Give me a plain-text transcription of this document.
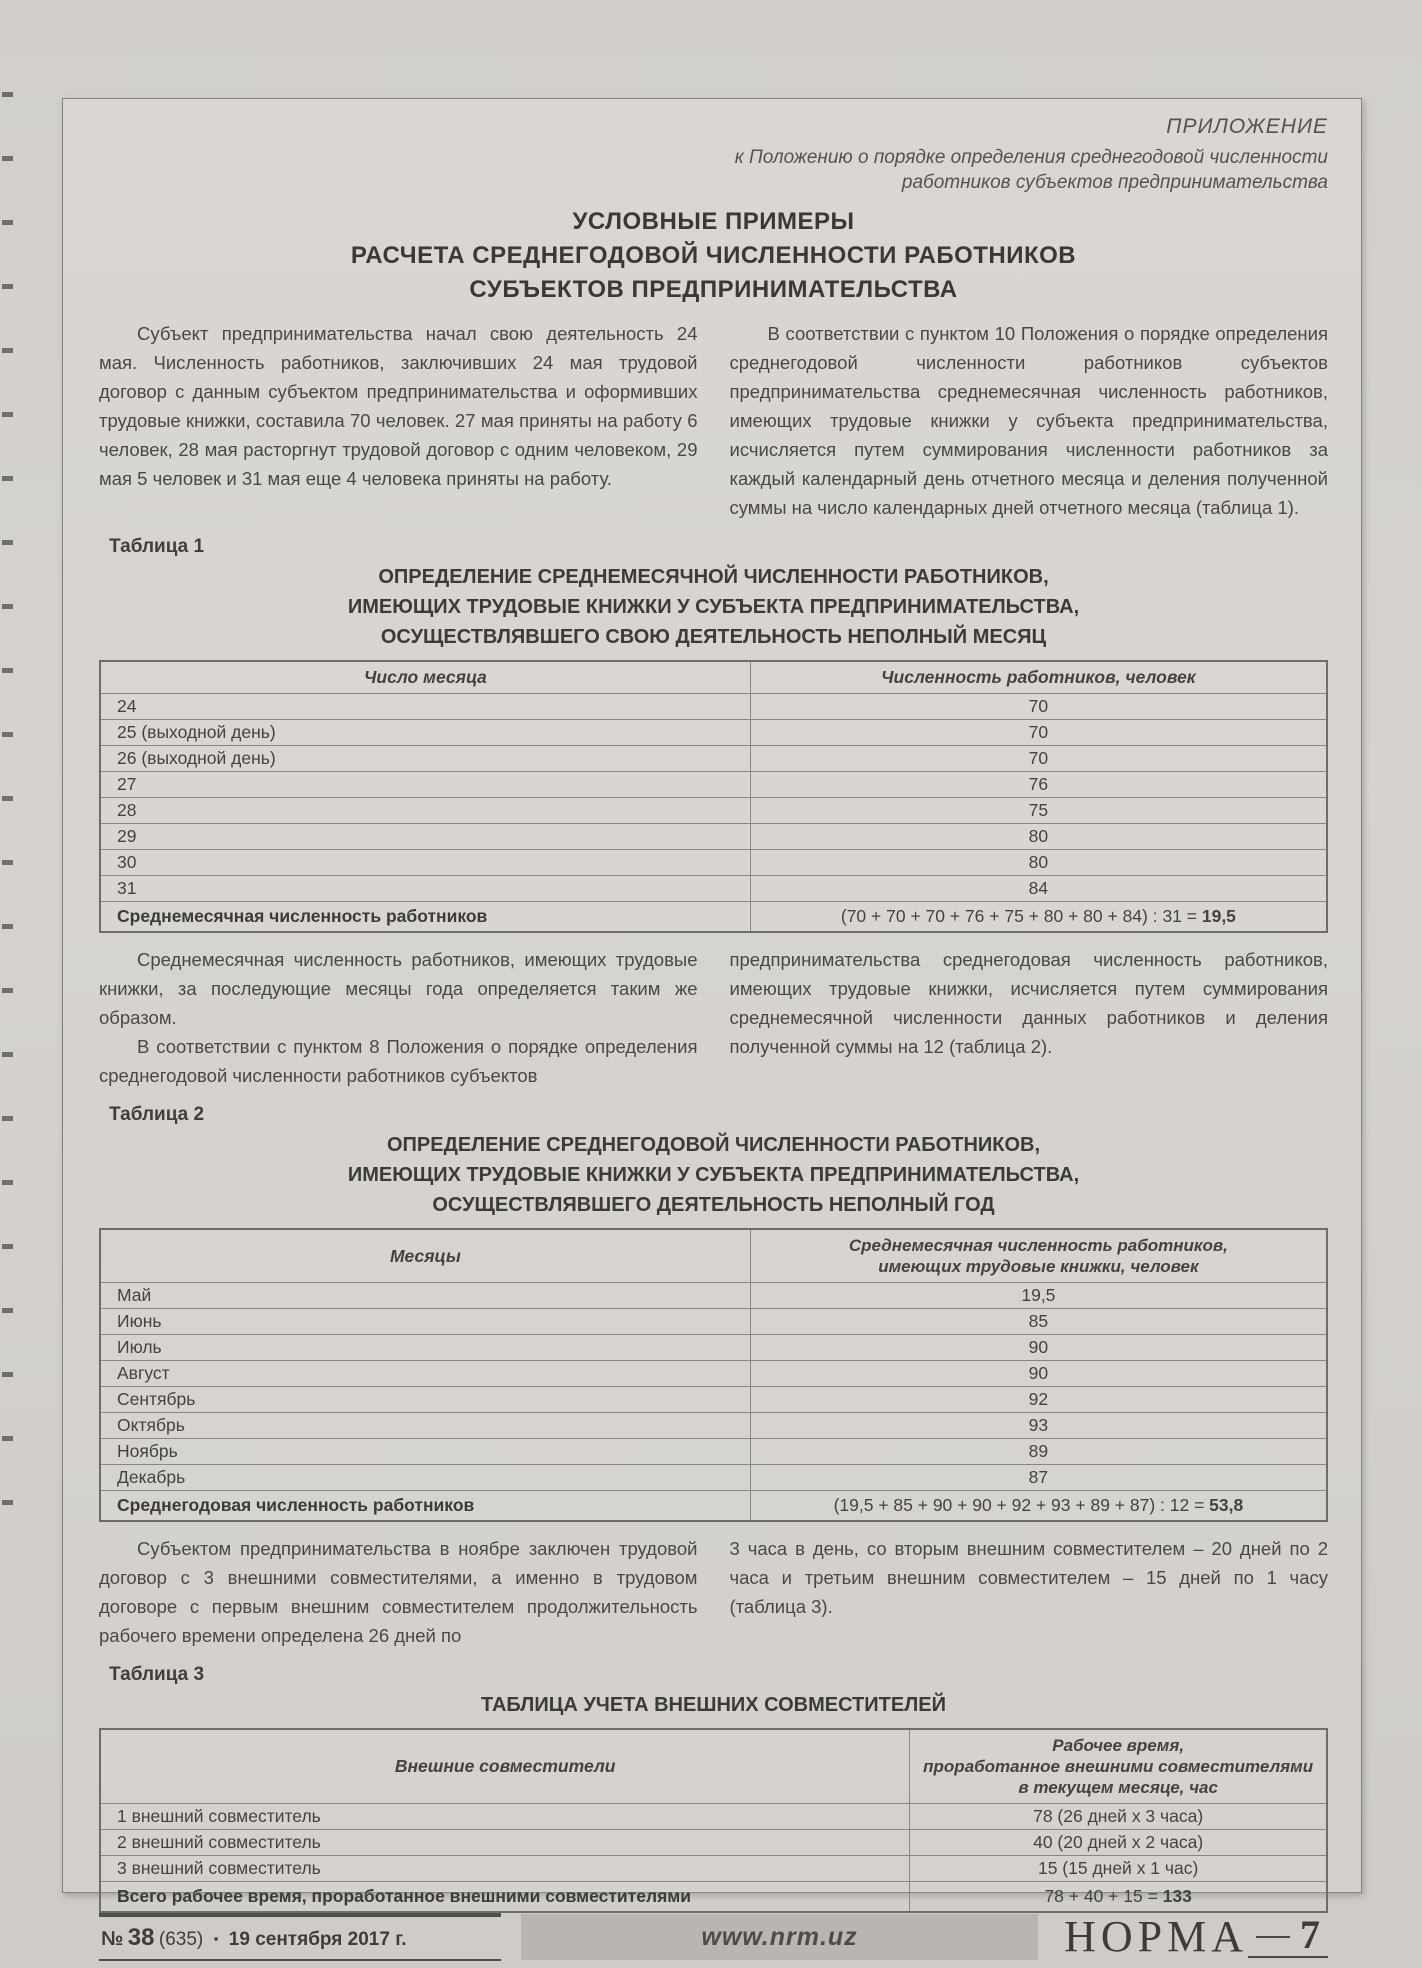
ПРИЛОЖЕНИЕ
к Положению о порядке определения среднегодовой численности
работников субъектов предпринимательства
УСЛОВНЫЕ ПРИМЕРЫ
РАСЧЕТА СРЕДНЕГОДОВОЙ ЧИСЛЕННОСТИ РАБОТНИКОВ
СУБЪЕКТОВ ПРЕДПРИНИМАТЕЛЬСТВА

Субъект предпринимательства начал свою деятельность 24 мая. Численность работников, заключивших 24 мая трудовой договор с данным субъектом предпринимательства и оформивших трудовые книжки, составила 70 человек. 27 мая приняты на работу 6 человек, 28 мая расторгнут трудовой договор с одним человеком, 29 мая 5 человек и 31 мая еще 4 человека приняты на работу.

В соответствии с пунктом 10 Положения о порядке определения среднегодовой численности работников субъектов предпринимательства среднемесячная численность работников, имеющих трудовые книжки у субъекта предпринимательства, исчисляется путем суммирования численности работников за каждый календарный день отчетного месяца и деления полученной суммы на число календарных дней отчетного месяца (таблица 1).

Таблица 1
ОПРЕДЕЛЕНИЕ СРЕДНЕМЕСЯЧНОЙ ЧИСЛЕННОСТИ РАБОТНИКОВ,
ИМЕЮЩИХ ТРУДОВЫЕ КНИЖКИ У СУБЪЕКТА ПРЕДПРИНИМАТЕЛЬСТВА,
ОСУЩЕСТВЛЯВШЕГО СВОЮ ДЕЯТЕЛЬНОСТЬ НЕПОЛНЫЙ МЕСЯЦ
Число месяца	Численность работников, человек
24	70
25 (выходной день)	70
26 (выходной день)	70
27	76
28	75
29	80
30	80
31	84
Среднемесячная численность работников	(70 + 70 + 70 + 76 + 75 + 80 + 80 + 84) : 31 = 19,5

Среднемесячная численность работников, имеющих трудовые книжки, за последующие месяцы года определяется таким же образом.

В соответствии с пунктом 8 Положения о порядке определения среднегодовой численности работников субъектов

предпринимательства среднегодовая численность работников, имеющих трудовые книжки, исчисляется путем суммирования среднемесячной численности данных работников и деления полученной суммы на 12 (таблица 2).

Таблица 2
ОПРЕДЕЛЕНИЕ СРЕДНЕГОДОВОЙ ЧИСЛЕННОСТИ РАБОТНИКОВ,
ИМЕЮЩИХ ТРУДОВЫЕ КНИЖКИ У СУБЪЕКТА ПРЕДПРИНИМАТЕЛЬСТВА,
ОСУЩЕСТВЛЯВШЕГО ДЕЯТЕЛЬНОСТЬ НЕПОЛНЫЙ ГОД
Месяцы	Среднемесячная численность работников,
имеющих трудовые книжки, человек

Май	19,5
Июнь	85
Июль	90
Август	90
Сентябрь	92
Октябрь	93
Ноябрь	89
Декабрь	87
Среднегодовая численность работников	(19,5 + 85 + 90 + 90 + 92 + 93 + 89 + 87) : 12 = 53,8

Субъектом предпринимательства в ноябре заключен трудовой договор с 3 внешними совместителями, а именно в трудовом договоре с первым внешним совместителем продолжительность рабочего времени определена 26 дней по

3 часа в день, со вторым внешним совместителем – 20 дней по 2 часа и третьим внешним совместителем – 15 дней по 1 часу (таблица 3).

Таблица 3
ТАБЛИЦА УЧЕТА ВНЕШНИХ СОВМЕСТИТЕЛЕЙ
Внешние совместители	Рабочее время,
проработанное внешними совместителями
в текущем месяце, час

1 внешний совместитель	78 (26 дней х 3 часа)
2 внешний совместитель	40 (20 дней х 2 часа)
3 внешний совместитель	15 (15 дней х 1 час)
Всего рабочее время, проработанное внешними совместителями	78 + 40 + 15 = 133
№ 38 (635) ▪ 19 сентября 2017 г.	www.nrm.uz	НОРМА 7
